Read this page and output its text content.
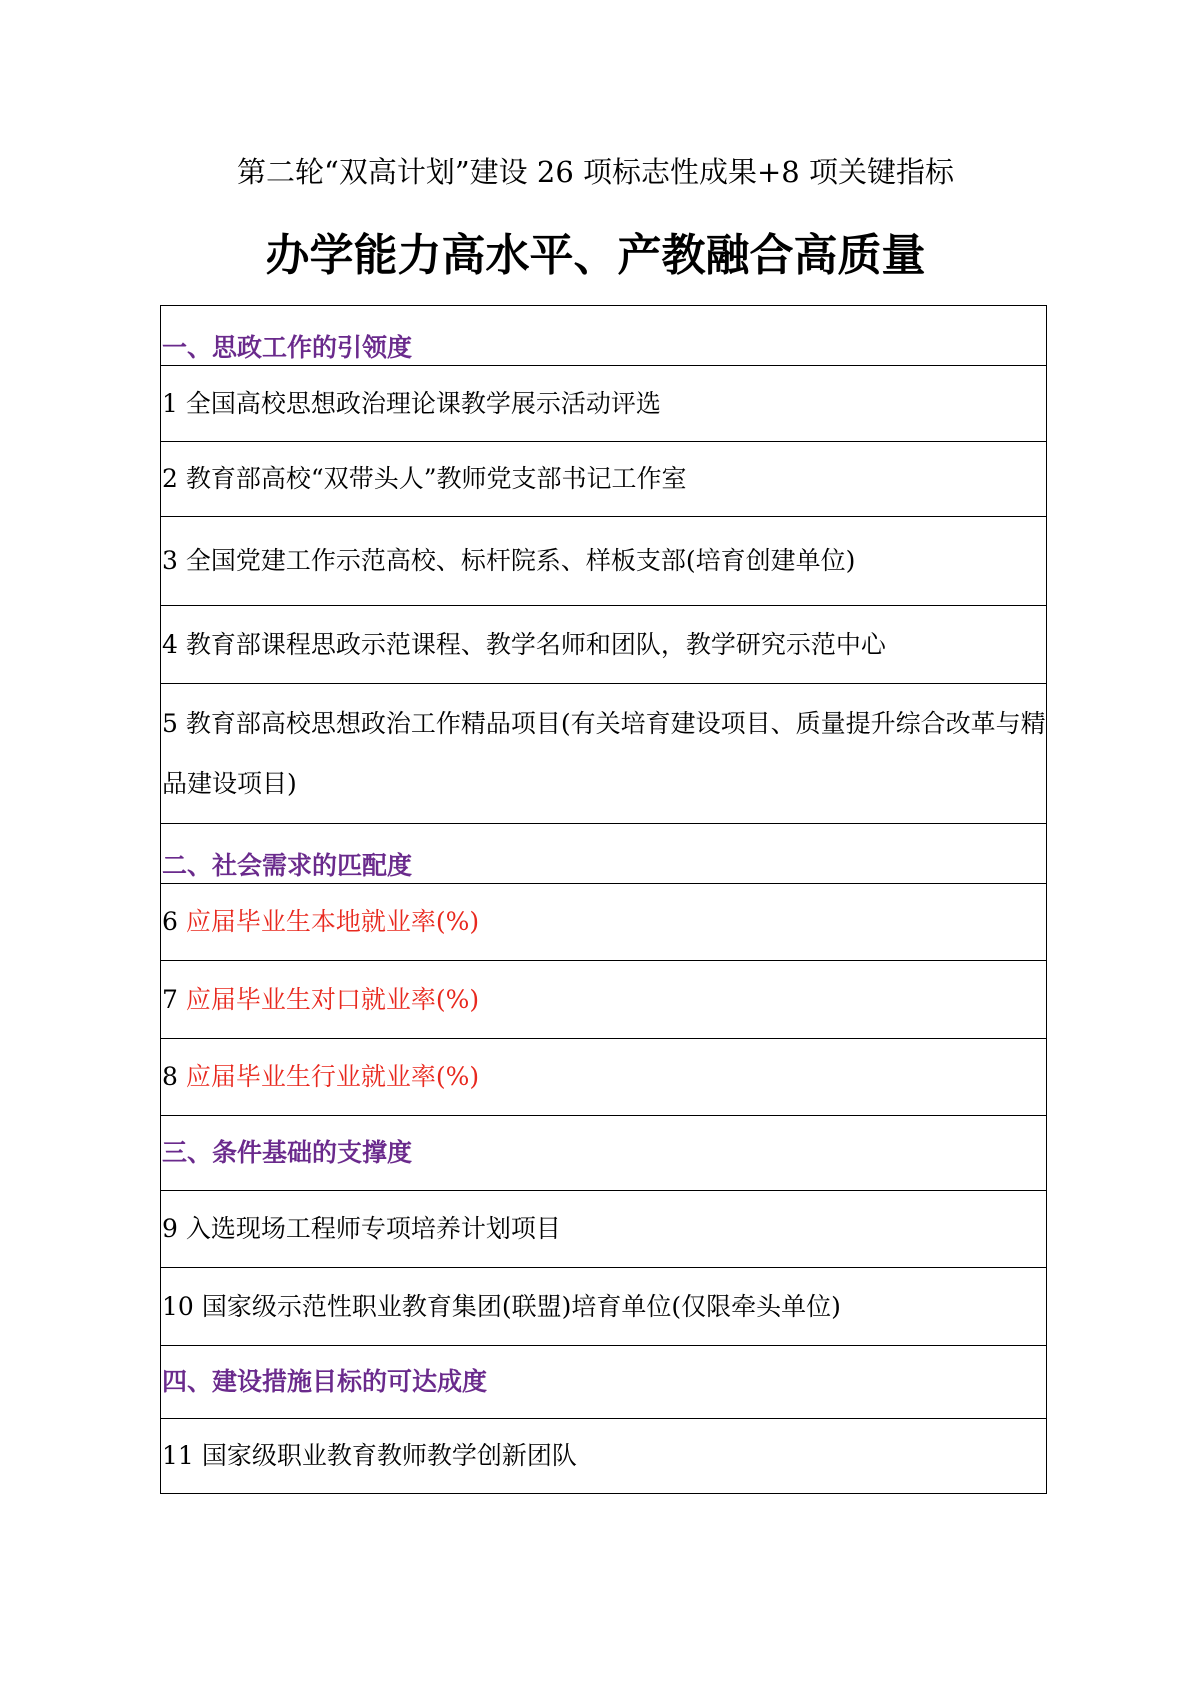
第二轮“双高计划”建设 26 项标志性成果+8 项关键指标
办学能力高水平、产教融合高质量
一、思政工作的引领度
1 全国高校思想政治理论课教学展示活动评选
2 教育部高校“双带头人”教师党支部书记工作室
3 全国党建工作示范高校、标杆院系、样板支部(培育创建单位)
4 教育部课程思政示范课程、教学名师和团队，教学研究示范中心
5 教育部高校思想政治工作精品项目(有关培育建设项目、质量提升综合改革与精品建设项目)
二、社会需求的匹配度
6 应届毕业生本地就业率(%)
7 应届毕业生对口就业率(%)
8 应届毕业生行业就业率(%)
三、条件基础的支撑度
9 入选现场工程师专项培养计划项目
10 国家级示范性职业教育集团(联盟)培育单位(仅限牵头单位)
四、建设措施目标的可达成度
11 国家级职业教育教师教学创新团队
